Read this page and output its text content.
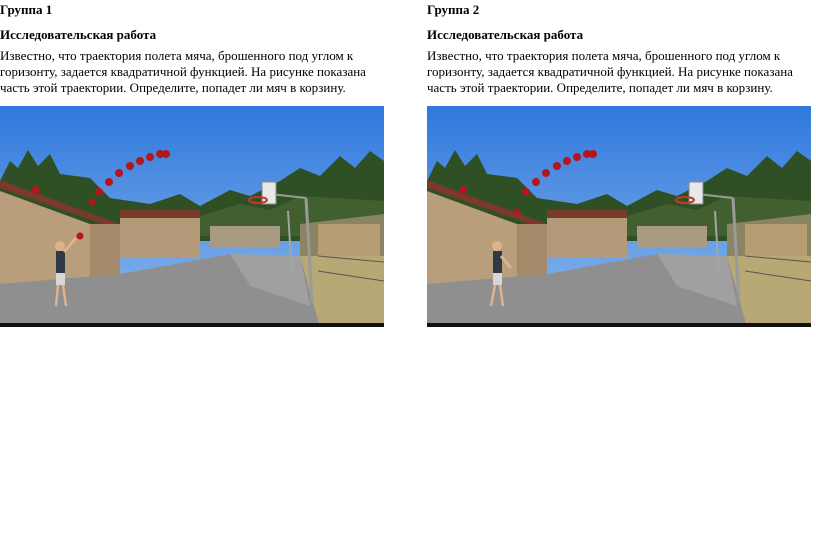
Группа 1
Исследовательская работа
Известно, что траектория полета мяча, брошенного под углом к горизонту, задается квадратичной функцией. На рисунке показана часть этой траектории. Определите, попадет ли мяч в корзину.
Группа 2
Исследовательская работа
Известно, что траектория полета мяча, брошенного под углом к горизонту, задается квадратичной функцией. На рисунке показана часть этой траектории. Определите, попадет ли мяч в корзину.
